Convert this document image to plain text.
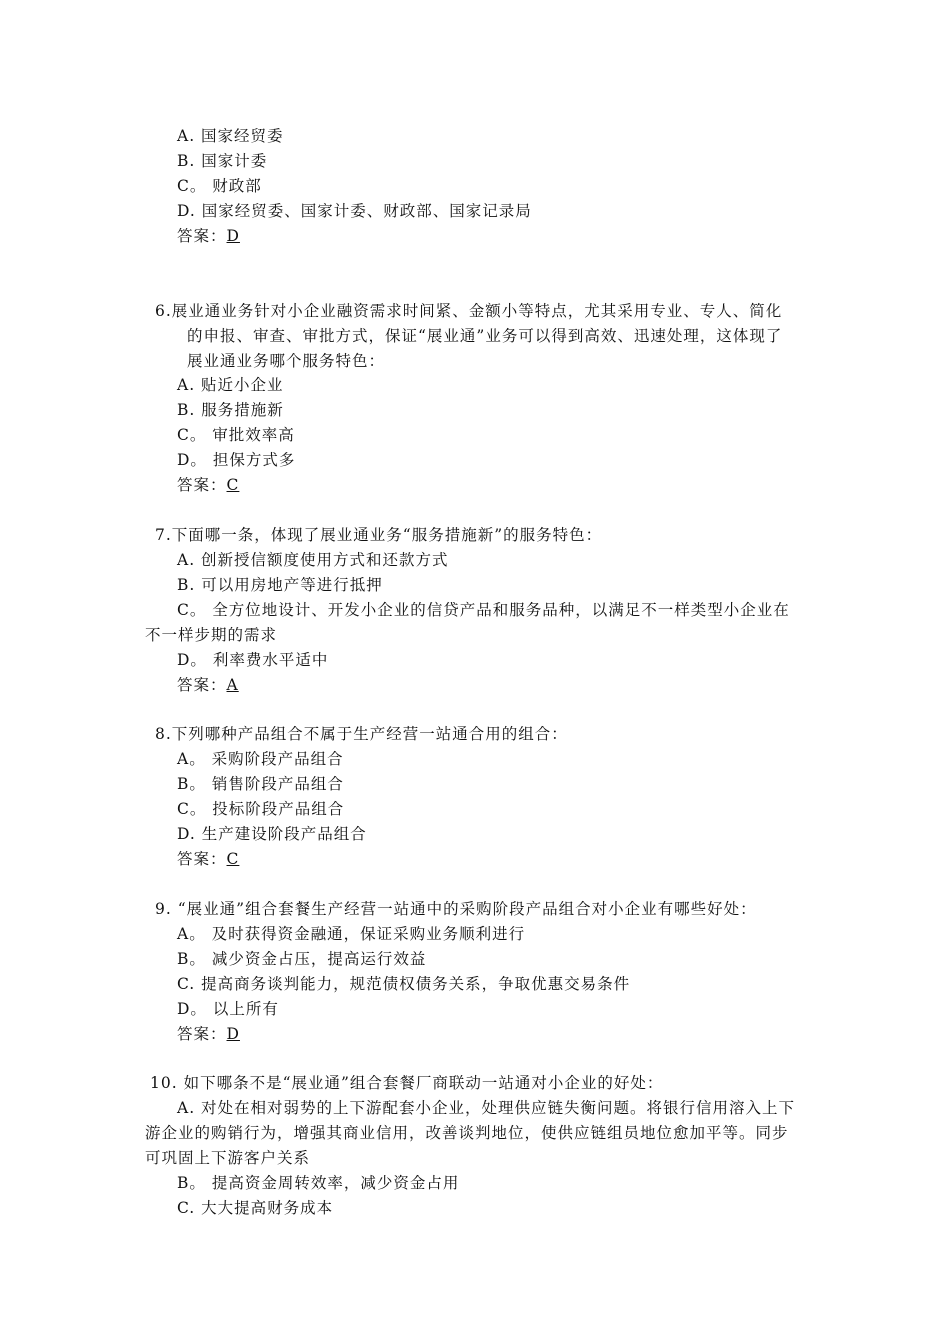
A. 国家经贸委
B. 国家计委
C。 财政部
D. 国家经贸委、国家计委、财政部、国家记录局
答案：D
6.展业通业务针对小企业融资需求时间紧、金额小等特点，尤其采用专业、专人、简化
的申报、审查、审批方式，保证“展业通”业务可以得到高效、迅速处理，这体现了
展业通业务哪个服务特色：
A. 贴近小企业
B. 服务措施新
C。 审批效率高
D。 担保方式多
答案：C
7.下面哪一条，体现了展业通业务“服务措施新”的服务特色：
A. 创新授信额度使用方式和还款方式
B. 可以用房地产等进行抵押
C。 全方位地设计、开发小企业的信贷产品和服务品种，以满足不一样类型小企业在
不一样步期的需求
D。 利率费水平适中
答案：A
8.下列哪种产品组合不属于生产经营一站通合用的组合：
A。 采购阶段产品组合
B。 销售阶段产品组合
C。 投标阶段产品组合
D. 生产建设阶段产品组合
答案：C
9. “展业通”组合套餐生产经营一站通中的采购阶段产品组合对小企业有哪些好处：
A。 及时获得资金融通，保证采购业务顺利进行
B。 减少资金占压，提高运行效益
C. 提高商务谈判能力，规范债权债务关系，争取优惠交易条件
D。 以上所有
答案：D
10. 如下哪条不是“展业通”组合套餐厂商联动一站通对小企业的好处：
A. 对处在相对弱势的上下游配套小企业，处理供应链失衡问题。将银行信用溶入上下
游企业的购销行为，增强其商业信用，改善谈判地位，使供应链组员地位愈加平等。同步
可巩固上下游客户关系
B。 提高资金周转效率，减少资金占用
C. 大大提高财务成本
